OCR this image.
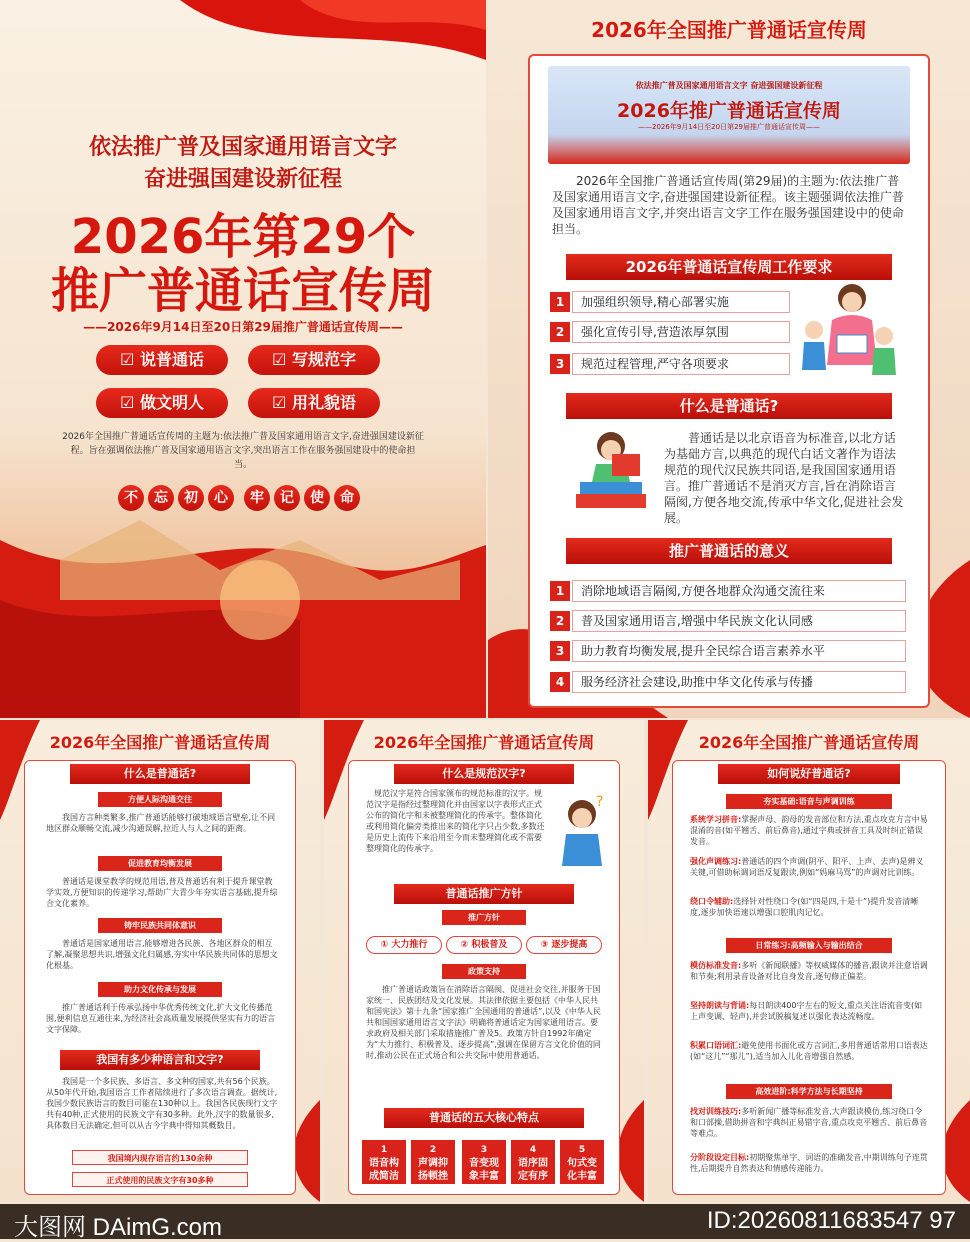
依法推广普及国家通用语言文字
奋进强国建设新征程
2026年第29个
推广普通话宣传周
——2026年9月14日至20日第29届推广普通话宣传周——
☑ 说普通话	☑ 写规范字
☑ 做文明人	☑ 用礼貌语
2026年全国推广普通话宣传周的主题为:依法推广普及国家通用语言文字,奋进强国建设新征程。旨在强调依法推广普及国家通用语言文字,突出语言工作在服务强国建设中的使命担当。
不	忘	初	心	牢	记	使	命
2026年全国推广普通话宣传周
依法推广普及国家通用语言文字 奋进强国建设新征程
2026年推广普通话宣传周
——2026年9月14日至20日第29届推广普通话宣传周——
2026年全国推广普通话宣传周(第29届)的主题为:依法推广普及国家通用语言文字,奋进强国建设新征程。该主题强调依法推广普及国家通用语言文字,并突出语言文字工作在服务强国建设中的使命担当。
2026年普通话宣传周工作要求
1	加强组织领导,精心部署实施
2	强化宣传引导,营造浓厚氛围
3	规范过程管理,严守各项要求
什么是普通话?
普通话是以北京语音为标准音,以北方话为基础方言,以典范的现代白话文著作为语法规范的现代汉民族共同语,是我国国家通用语言。推广普通话不是消灭方言,旨在消除语言隔阂,方便各地交流,传承中华文化,促进社会发展。
推广普通话的意义
1	消除地域语言隔阂,方便各地群众沟通交流往来
2	普及国家通用语言,增强中华民族文化认同感
3	助力教育均衡发展,提升全民综合语言素养水平
4	服务经济社会建设,助推中华文化传承与传播
2026年全国推广普通话宣传周
什么是普通话?
方便人际沟通交往
我国方言种类繁多,推广普通话能够打破地域语言壁垒,让不同地区群众顺畅交流,减少沟通误解,拉近人与人之间的距离。
促进教育均衡发展
普通话是课堂教学的规范用语,普及普通话有利于提升课堂教学实效,方便知识的传递学习,帮助广大青少年夯实语言基础,提升综合文化素养。
铸牢民族共同体意识
普通话是国家通用语言,能够增进各民族、各地区群众的相互了解,凝聚思想共识,增强文化归属感,夯实中华民族共同体的思想文化根基。
助力文化传承与发展
推广普通话利于传承弘扬中华优秀传统文化,扩大文化传播范围,便利信息互通往来,为经济社会高质量发展提供坚实有力的语言文字保障。
我国有多少种语言和文字?
我国是一个多民族、多语言、多文种的国家,共有56个民族。从50年代开始,我国语言工作者陆续进行了多次语言调查。据统计,我国少数民族语言的数目可能在130种以上。我国各民族现行文字共有40种,正式使用的民族文字有30多种。此外,汉字的数量很多,具体数目无法确定,但可以从古今字典中得知其概数目。
我国境内现存语言约130余种
正式使用的民族文字有30多种
2026年全国推广普通话宣传周
什么是规范汉字?
规范汉字是符合国家颁布的规范标准的汉字。规范汉字是指经过整理简化并由国家以字表形式正式公布的简化字和未被整理简化的传承字。整体简化或利用简化偏旁类推出来的简化字只占少数,多数还是历史上流传下来沿用至今而未整理简化或不需要整理简化的传承字。
?
普通话推广方针
推广方针
① 大力推行	② 积极普及	③ 逐步提高
政策支持
推广普通话政策旨在消除语言隔阂、促进社会交往,并服务于国家统一、民族团结及文化发展。其法律依据主要包括《中华人民共和国宪法》第十九条“国家推广全国通用的普通话”,以及《中华人民共和国国家通用语言文字法》明确将普通话定为国家通用语言。要求政府及相关部门采取措施推广普及5。政策方针自1992年确定为“大力推行、积极普及、逐步提高”,强调在保留方言文化价值的同时,推动公民在正式场合和公共交际中使用普通话。
普通话的五大核心特点
1
语音构
成简洁
2
声调抑
扬顿挫
3
音变现
象丰富
4
语序固
定有序
5
句式变
化丰富
2026年全国推广普通话宣传周
如何说好普通话?
夯实基础:语音与声调训练
系统学习拼音:掌握声母、韵母的发音部位和方法,重点攻克方言中易混淆的音(如平翘舌、前后鼻音),通过字典或拼音工具及时纠正错误发音。
强化声调练习:普通话的四个声调(阴平、阳平、上声、去声)是辨义关键,可借助标调词语反复跟读,例如“妈麻马骂”的声调对比训练。
绕口令辅助:选择针对性绕口令(如“四是四,十是十”)提升发音清晰度,逐步加快语速以增强口腔肌肉记忆。
日常练习:高频输入与输出结合
模仿标准发音:多听《新闻联播》等权威媒体的播音,跟读并注意语调和节奏;利用录音设备对比自身发音,逐句修正偏差。
坚持朗读与背诵:每日朗读400字左右的短文,重点关注语流音变(如上声变调、轻声),并尝试脱稿复述以强化表达流畅度。
积累口语词汇:避免使用书面化或方言词汇,多用普通话常用口语表达(如“这儿”“那儿”),适当加入儿化音增强自然感。
高效进阶:科学方法与长期坚持
找对训练技巧:多听新闻广播等标准发音,大声跟读模仿,练习绕口令和口部操,借助拼音和字典纠正易错字音,重点攻克平翘舌、前后鼻音等难点。
分阶段设定目标:初期聚焦单字、词语的准确发音,中期训练句子连贯性,后期提升自然表达和情感传递能力。
大图网 DAimG.com	ID:20260811683547 97
